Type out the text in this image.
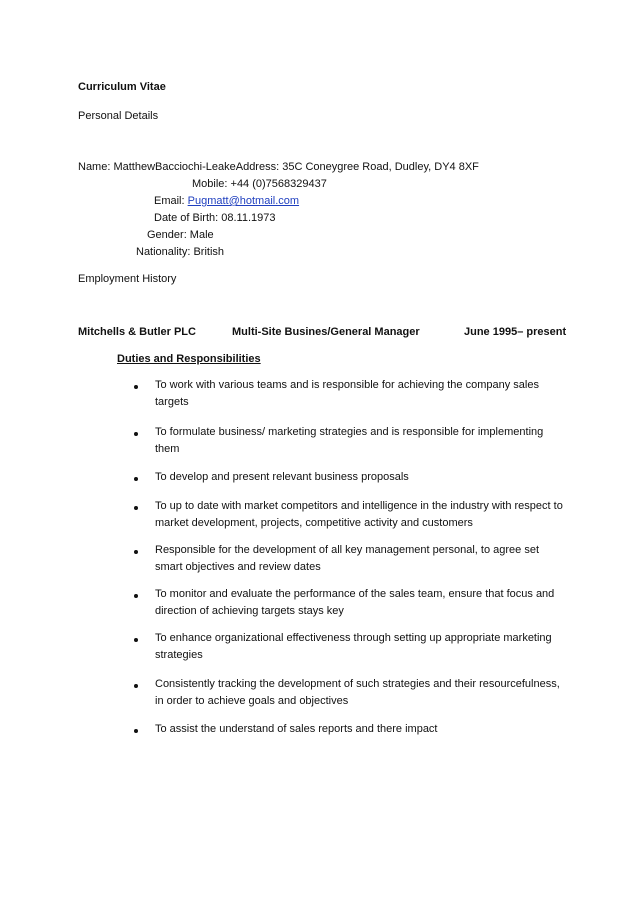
Curriculum Vitae
Personal Details
Name: MatthewBacciochi-LeakeAddress: 35C Coneygree Road, Dudley, DY4 8XF
Mobile: +44 (0)7568329437
Email: Pugmatt@hotmail.com
Date of Birth: 08.11.1973
Gender: Male
Nationality: British
Employment History
Mitchells & Butler PLC	Multi-Site Busines/General Manager	June 1995– present
Duties and Responsibilities
To work with various teams and is responsible for achieving the company sales targets
To formulate business/ marketing strategies and is responsible for implementing them
To develop and present relevant business proposals
To up to date with market competitors and intelligence in the industry with respect to market development, projects, competitive activity and customers
Responsible for the development of all key management personal, to agree set smart objectives and review dates
To monitor and evaluate the performance of the sales team, ensure that focus and direction of achieving targets stays key
To enhance organizational effectiveness through setting up appropriate marketing strategies
Consistently tracking the development of such strategies and their resourcefulness, in order to achieve goals and objectives
To assist the understand of sales reports and there impact
